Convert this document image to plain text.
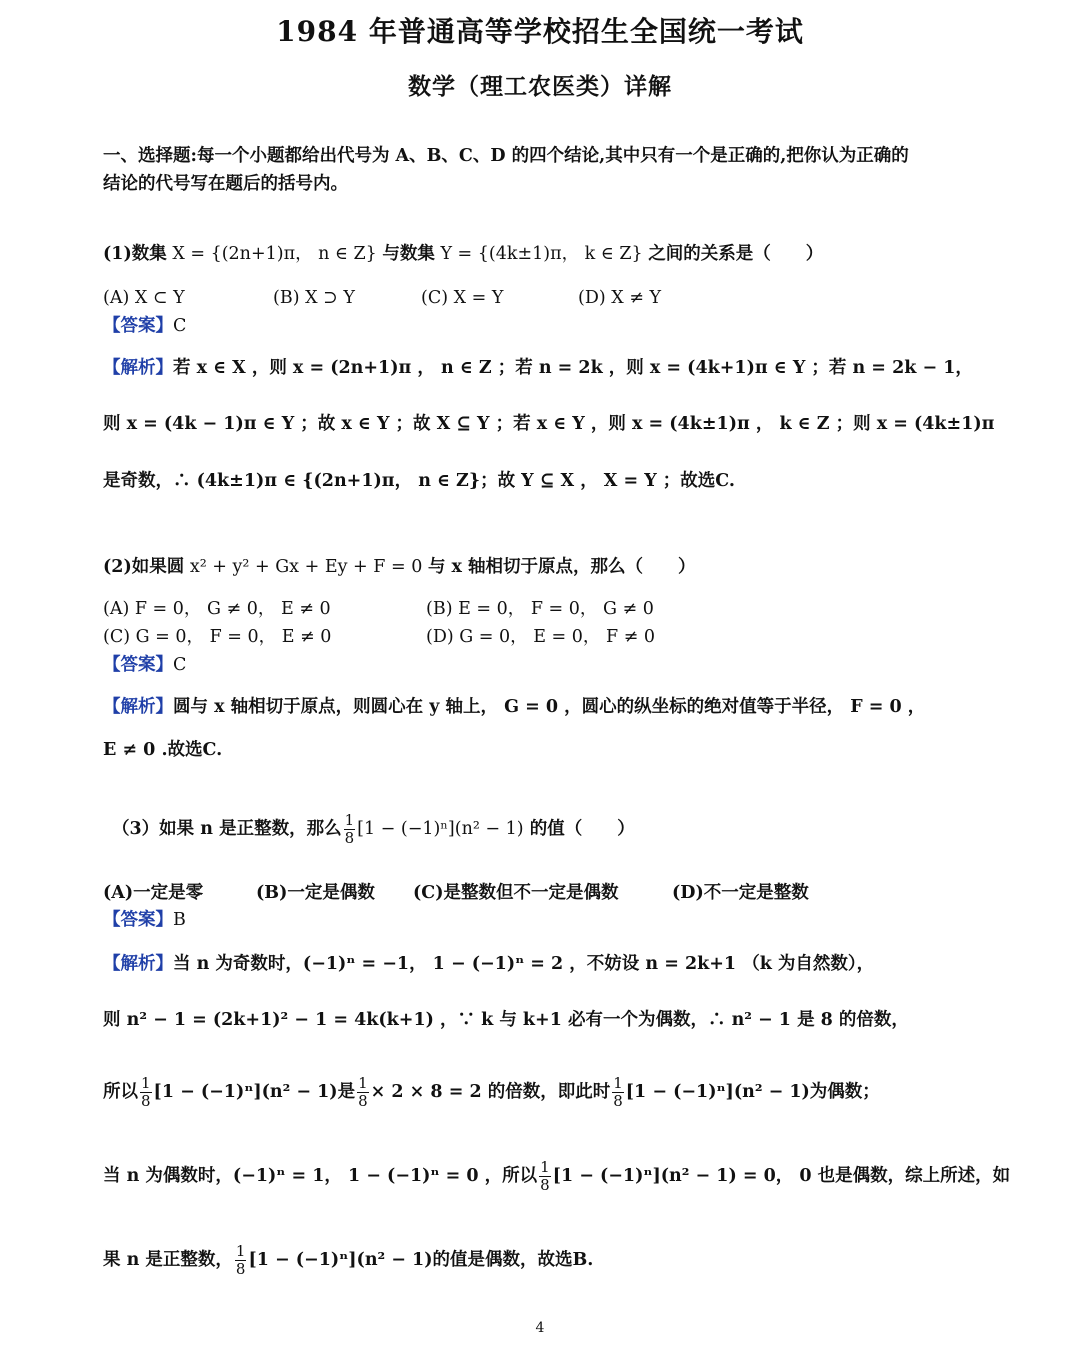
1984 年普通高等学校招生全国统一考试
数学（理工农医类）详解
一、选择题:每一个小题都给出代号为 A、B、C、D 的四个结论,其中只有一个是正确的,把你认为正确的
结论的代号写在题后的括号内。
(1)数集 X = {(2n+1)π， n ∈ Z} 与数集 Y = {(4k±1)π， k ∈ Z} 之间的关系是（　　）
(A) X ⊂ Y	(B) X ⊃ Y	(C) X = Y	(D) X ≠ Y
【答案】C
【解析】若 x ∈ X ，则 x = (2n+1)π ， n ∈ Z ；若 n = 2k ，则 x = (4k+1)π ∈ Y ；若 n = 2k − 1，
则 x = (4k − 1)π ∈ Y ；故 x ∈ Y ；故 X ⊆ Y ；若 x ∈ Y ，则 x = (4k±1)π ， k ∈ Z ；则 x = (4k±1)π
是奇数，∴ (4k±1)π ∈ {(2n+1)π， n ∈ Z}；故 Y ⊆ X ， X = Y ；故选C.
(2)如果圆 x² + y² + Gx + Ey + F = 0 与 x 轴相切于原点，那么（　　）
(A) F = 0， G ≠ 0， E ≠ 0	(B) E = 0， F = 0， G ≠ 0
(C) G = 0， F = 0， E ≠ 0	(D) G = 0， E = 0， F ≠ 0
【答案】C
【解析】圆与 x 轴相切于原点，则圆心在 y 轴上， G = 0 ，圆心的纵坐标的绝对值等于半径， F = 0 ，
E ≠ 0 .故选C.
（3）如果 n 是正整数，那么 $\frac{1}{8} [1 - (-1)^n](n^2 - 1)$ 的值（　　）
(A)一定是零	(B)一定是偶数 (C)是整数但不一定是偶数	(D)不一定是整数
【答案】B
【解析】当 n 为奇数时，(−1)ⁿ = −1， 1 − (−1)ⁿ = 2 ，不妨设 n = 2k+1 （k 为自然数），
则 n² − 1 = (2k+1)² − 1 = 4k(k+1) ，∵ k 与 k+1 必有一个为偶数，∴ n² − 1 是 8 的倍数，
所以 $\frac{1}{8} [1 - (-1)^n](n^2 - 1)$是 $\frac{1}{8} \times 2 \times 8 = 2$ 的倍数，即此时 $\frac{1}{8} [1 - (-1)^n](n^2 - 1)$为偶数；
当 n 为偶数时，(−1)ⁿ = 1， 1 − (−1)ⁿ = 0 ，所以 $\frac{1}{8} [1 - (-1)^n](n^2 - 1) = 0$， 0 也是偶数，综上所述，如
果 n 是正整数， $\frac{1}{8} [1 - (-1)^n](n^2 - 1)$的值是偶数，故选B.
4
